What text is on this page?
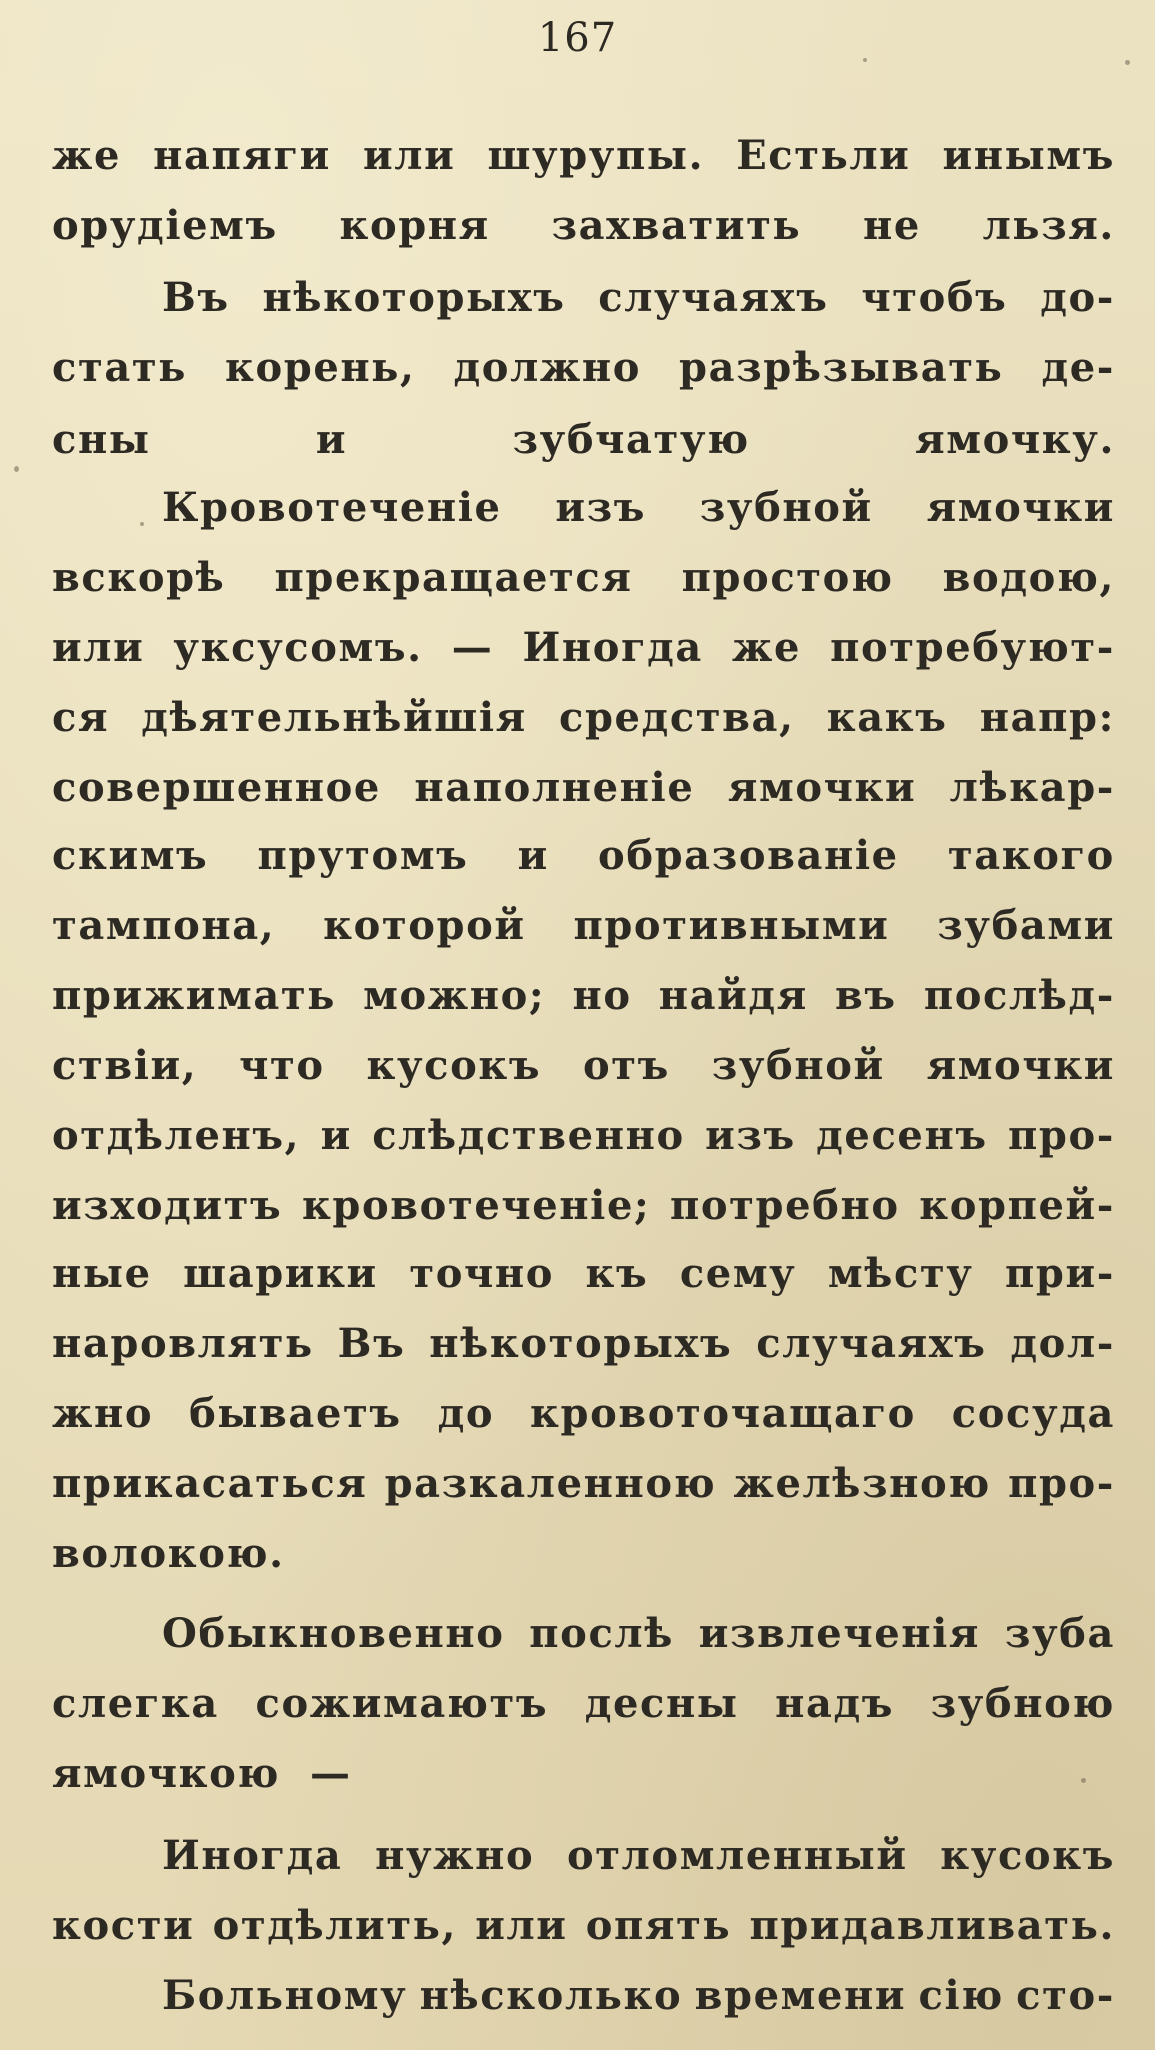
167
же напяги или шурупы. Естьли инымъ
орудіемъ корня захватить не льзя.
Въ нѣкоторыхъ случаяхъ чтобъ до-
стать корень, должно разрѣзывать де-
сны	и	зубчатую	ямочку.
Кровотеченіе изъ зубной ямочки
вскорѣ прекращается простою водою,
или уксусомъ. — Иногда же потребуют-
ся дѣятельнѣйшія средства, какъ напр:
совершенное наполненіе ямочки лѣкар-
скимъ прутомъ и образованіе такого
тампона, которой противными зубами
прижимать можно; но найдя въ послѣд-
ствіи, что кусокъ отъ зубной ямочки
отдѣленъ, и слѣдственно изъ десенъ про-
изходитъ кровотеченіе; потребно корпей-
ные шарики точно къ сему мѣсту при-
наровлять Въ нѣкоторыхъ случаяхъ дол-
жно бываетъ до кровоточащаго сосуда
прикасаться разкаленною желѣзною про-
волокою.
Обыкновенно послѣ извлеченія зуба
слегка сожимаютъ десны надъ зубною
ямочкою —
Иногда нужно отломленный кусокъ
кости отдѣлить, или опять придавливать.
Больному нѣсколько времени сію сто-
